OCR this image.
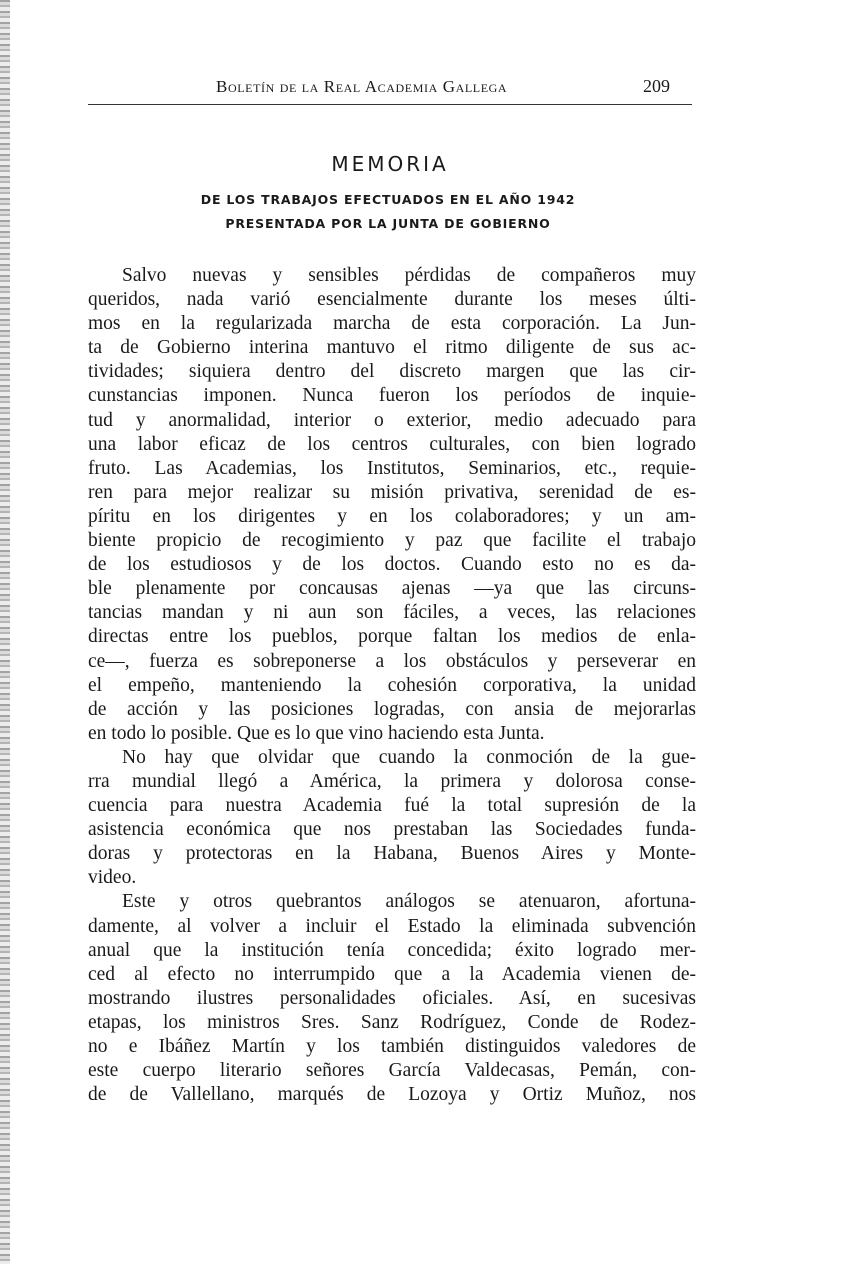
Boletín de la Real Academia Gallega	209
MEMORIA
DE LOS TRABAJOS EFECTUADOS EN EL AÑO 1942
PRESENTADA POR LA JUNTA DE GOBIERNO
Salvo nuevas y sensibles pérdidas de compañeros muy
queridos, nada varió esencialmente durante los meses últi-
mos en la regularizada marcha de esta corporación. La Jun-
ta de Gobierno interina mantuvo el ritmo diligente de sus ac-
tividades; siquiera dentro del discreto margen que las cir-
cunstancias imponen. Nunca fueron los períodos de inquie-
tud y anormalidad, interior o exterior, medio adecuado para
una labor eficaz de los centros culturales, con bien logrado
fruto. Las Academias, los Institutos, Seminarios, etc., requie-
ren para mejor realizar su misión privativa, serenidad de es-
píritu en los dirigentes y en los colaboradores; y un am-
biente propicio de recogimiento y paz que facilite el trabajo
de los estudiosos y de los doctos. Cuando esto no es da-
ble plenamente por concausas ajenas —ya que las circuns-
tancias mandan y ni aun son fáciles, a veces, las relaciones
directas entre los pueblos, porque faltan los medios de enla-
ce—, fuerza es sobreponerse a los obstáculos y perseverar en
el empeño, manteniendo la cohesión corporativa, la unidad
de acción y las posiciones logradas, con ansia de mejorarlas
en todo lo posible. Que es lo que vino haciendo esta Junta.
No hay que olvidar que cuando la conmoción de la gue-
rra mundial llegó a América, la primera y dolorosa conse-
cuencia para nuestra Academia fué la total supresión de la
asistencia económica que nos prestaban las Sociedades funda-
doras y protectoras en la Habana, Buenos Aires y Monte-
video.
Este y otros quebrantos análogos se atenuaron, afortuna-
damente, al volver a incluir el Estado la eliminada subvención
anual que la institución tenía concedida; éxito logrado mer-
ced al efecto no interrumpido que a la Academia vienen de-
mostrando ilustres personalidades oficiales. Así, en sucesivas
etapas, los ministros Sres. Sanz Rodríguez, Conde de Rodez-
no e Ibáñez Martín y los también distinguidos valedores de
este cuerpo literario señores García Valdecasas, Pemán, con-
de de Vallellano, marqués de Lozoya y Ortiz Muñoz, nos
